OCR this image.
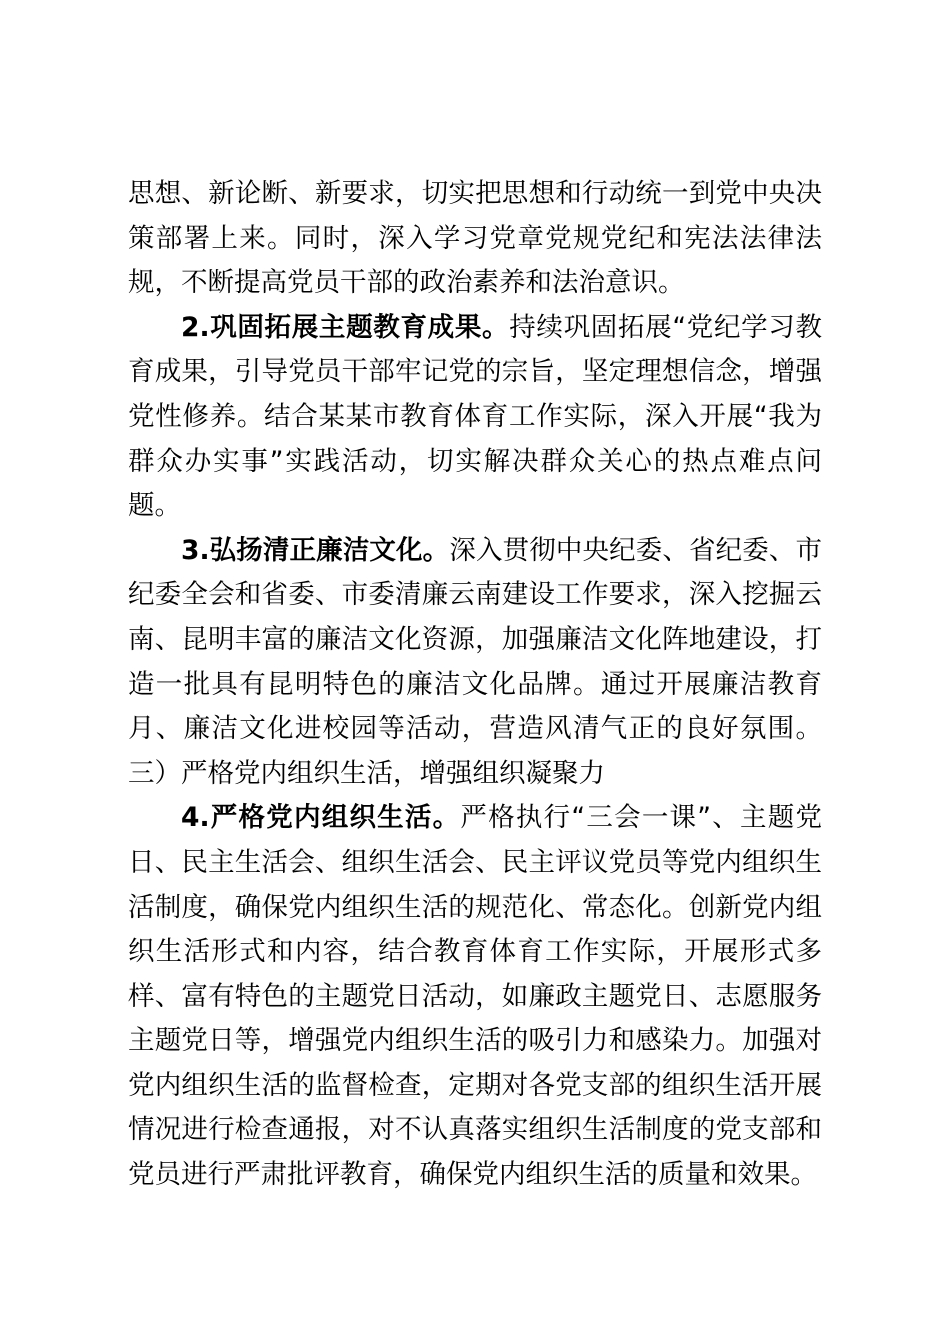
思想、新论断、新要求，切实把思想和行动统一到党中央决策部署上来。同时，深入学习党章党规党纪和宪法法律法规，不断提高党员干部的政治素养和法治意识。

2.巩固拓展主题教育成果。持续巩固拓展“党纪学习教育成果，引导党员干部牢记党的宗旨，坚定理想信念，增强党性修养。结合某某市教育体育工作实际，深入开展“我为群众办实事”实践活动，切实解决群众关心的热点难点问题。

3.弘扬清正廉洁文化。深入贯彻中央纪委、省纪委、市纪委全会和省委、市委清廉云南建设工作要求，深入挖掘云南、昆明丰富的廉洁文化资源，加强廉洁文化阵地建设，打造一批具有昆明特色的廉洁文化品牌。通过开展廉洁教育月、廉洁文化进校园等活动，营造风清气正的良好氛围。三）严格党内组织生活，增强组织凝聚力

4.严格党内组织生活。严格执行“三会一课”、主题党日、民主生活会、组织生活会、民主评议党员等党内组织生活制度，确保党内组织生活的规范化、常态化。创新党内组织生活形式和内容，结合教育体育工作实际，开展形式多样、富有特色的主题党日活动，如廉政主题党日、志愿服务主题党日等，增强党内组织生活的吸引力和感染力。加强对党内组织生活的监督检查，定期对各党支部的组织生活开展情况进行检查通报，对不认真落实组织生活制度的党支部和党员进行严肃批评教育，确保党内组织生活的质量和效果。
